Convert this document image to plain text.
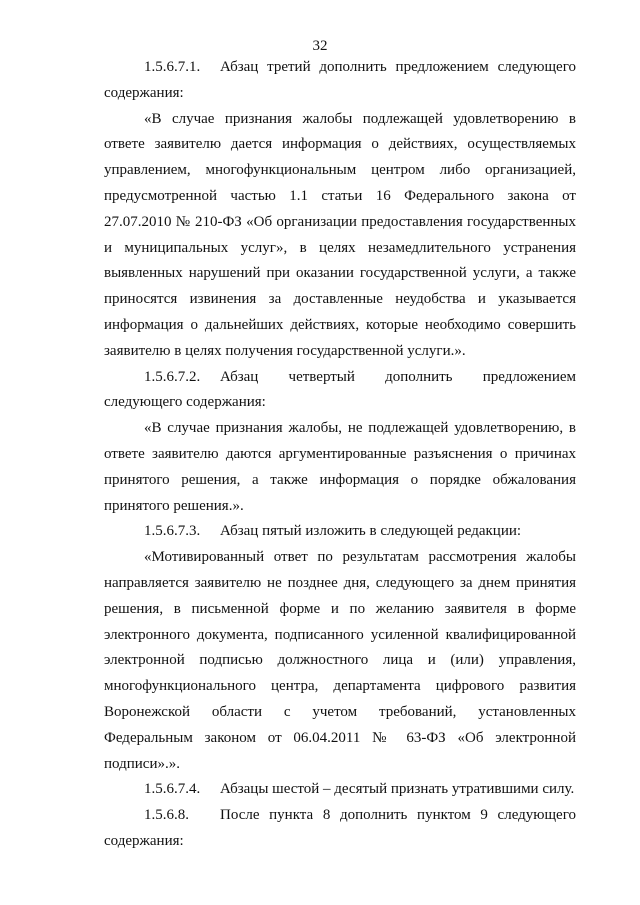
32

1.5.6.7.1. Абзац третий дополнить предложением следующего содержания:

«В случае признания жалобы подлежащей удовлетворению в ответе заявителю дается информация о действиях, осуществляемых управлением, многофункциональным центром либо организацией, предусмотренной частью 1.1 статьи 16 Федерального закона от 27.07.2010 № 210-ФЗ «Об организации предоставления государственных и муниципальных услуг», в целях незамедлительного устранения выявленных нарушений при оказании государственной услуги, а также приносятся извинения за доставленные неудобства и указывается информация о дальнейших действиях, которые необходимо совершить заявителю в целях получения государственной услуги.».

1.5.6.7.2. Абзац четвертый дополнить предложением следующего содержания:

«В случае признания жалобы, не подлежащей удовлетворению, в ответе заявителю даются аргументированные разъяснения о причинах принятого решения, а также информация о порядке обжалования принятого решения.».

1.5.6.7.3. Абзац пятый изложить в следующей редакции:

«Мотивированный ответ по результатам рассмотрения жалобы направляется заявителю не позднее дня, следующего за днем принятия решения, в письменной форме и по желанию заявителя в форме электронного документа, подписанного усиленной квалифицированной электронной подписью должностного лица и (или) управления, многофункционального центра, департамента цифрового развития Воронежской области с учетом требований, установленных Федеральным законом от 06.04.2011 № 63-ФЗ «Об электронной подписи».».

1.5.6.7.4. Абзацы шестой – десятый признать утратившими силу.

1.5.6.8. После пункта 8 дополнить пунктом 9 следующего содержания:
